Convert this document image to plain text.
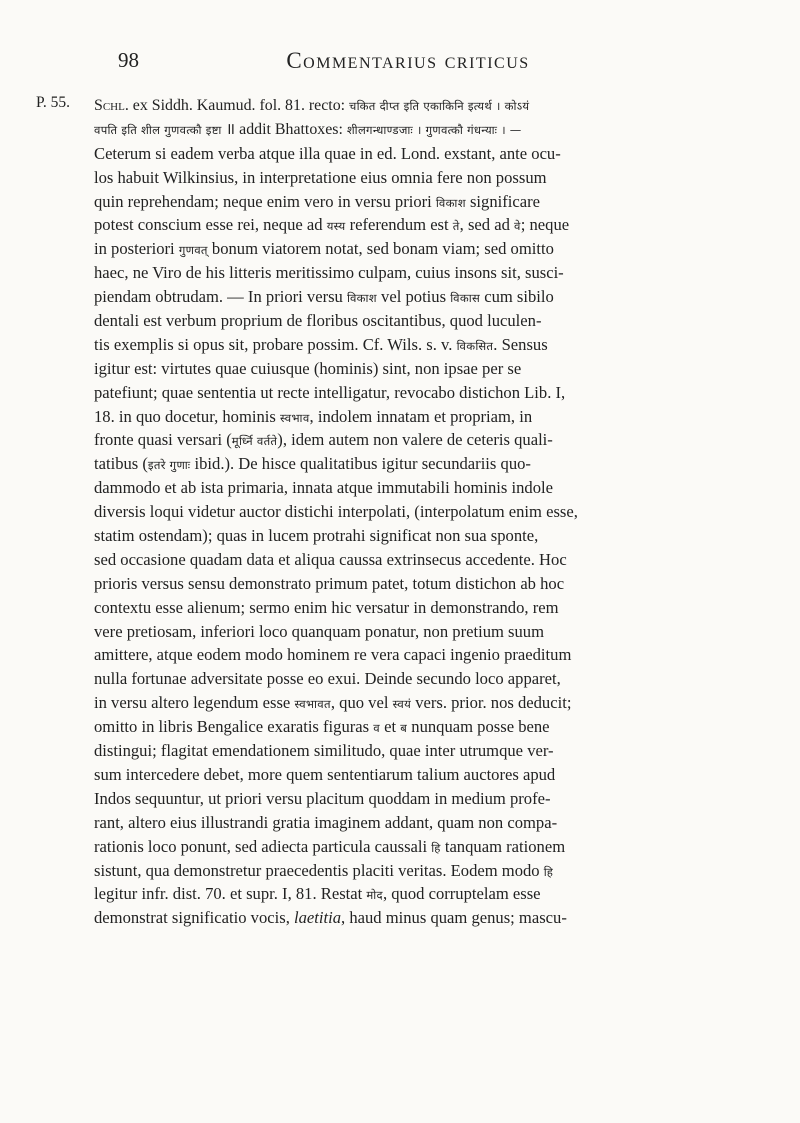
98	Commentarius criticus
P. 55. Schl. ex Siddh. Kaumud. fol. 81. recto: चकित दीप्त इति एकाकिनि इत्यर्थ । कोऽयं
वपति इति शील गुणवत्कौ इष्टा ॥ addit Bhattoxes: शीलगन्धाण्डजाः । गुणवत्कौ गंधन्याः । —
Ceterum si eadem verba atque illa quae in ed. Lond. exstant, ante ocu-
los habuit Wilkinsius, in interpretatione eius omnia fere non possum
quin reprehendam; neque enim vero in versu priori विकाश significare
potest conscium esse rei, neque ad यस्य referendum est ते, sed ad वे; neque
in posteriori गुणवत् bonum viatorem notat, sed bonam viam; sed omitto
haec, ne Viro de his litteris meritissimo culpam, cuius insons sit, susci-
piendam obtrudam. — In priori versu विकाश vel potius विकास cum sibilo
dentali est verbum proprium de floribus oscitantibus, quod luculen-
tis exemplis si opus sit, probare possim. Cf. Wils. s. v. विकसित. Sensus
igitur est: virtutes quae cuiusque (hominis) sint, non ipsae per se
patefiunt; quae sententia ut recte intelligatur, revocabo distichon Lib. I,
18. in quo docetur, hominis स्वभाव, indolem innatam et propriam, in
fronte quasi versari (मूर्ध्नि वर्तते), idem autem non valere de ceteris quali-
tatibus (इतरे गुणाः ibid.). De hisce qualitatibus igitur secundariis quo-
dammodo et ab ista primaria, innata atque immutabili hominis indole
diversis loqui videtur auctor distichi interpolati, (interpolatum enim esse,
statim ostendam); quas in lucem protrahi significat non sua sponte,
sed occasione quadam data et aliqua caussa extrinsecus accedente. Hoc
prioris versus sensu demonstrato primum patet, totum distichon ab hoc
contextu esse alienum; sermo enim hic versatur in demonstrando, rem
vere pretiosam, inferiori loco quanquam ponatur, non pretium suum
amittere, atque eodem modo hominem re vera capaci ingenio praeditum
nulla fortunae adversitate posse eo exui. Deinde secundo loco apparet,
in versu altero legendum esse स्वभावत, quo vel स्वयं vers. prior. nos deducit;
omitto in libris Bengalice exaratis figuras व et ब nunquam posse bene
distingui; flagitat emendationem similitudo, quae inter utrumque ver-
sum intercedere debet, more quem sententiarum talium auctores apud
Indos sequuntur, ut priori versu placitum quoddam in medium profe-
rant, altero eius illustrandi gratia imaginem addant, quam non compa-
rationis loco ponunt, sed adiecta particula caussali हि tanquam rationem
sistunt, qua demonstretur praecedentis placiti veritas. Eodem modo हि
legitur infr. dist. 70. et supr. I, 81. Restat मोद, quod corruptelam esse
demonstrat significatio vocis, laetitia, haud minus quam genus; mascu-
